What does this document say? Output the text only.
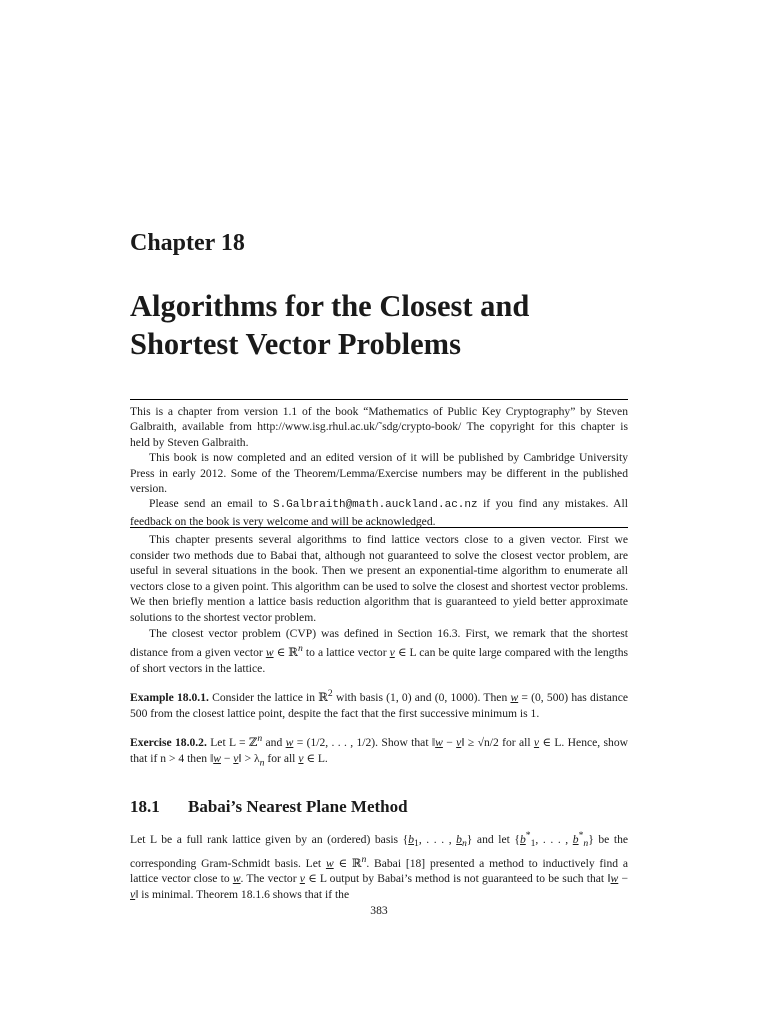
Chapter 18
Algorithms for the Closest and
Shortest Vector Problems

This is a chapter from version 1.1 of the book “Mathematics of Public Key Cryptography” by Steven Galbraith, available from http://www.isg.rhul.ac.uk/˜sdg/crypto-book/ The copyright for this chapter is held by Steven Galbraith.

This book is now completed and an edited version of it will be published by Cambridge University Press in early 2012. Some of the Theorem/Lemma/Exercise numbers may be different in the published version.

Please send an email to S.Galbraith@math.auckland.ac.nz if you find any mistakes. All feedback on the book is very welcome and will be acknowledged.

This chapter presents several algorithms to find lattice vectors close to a given vector. First we consider two methods due to Babai that, although not guaranteed to solve the closest vector problem, are useful in several situations in the book. Then we present an exponential-time algorithm to enumerate all vectors close to a given point. This algorithm can be used to solve the closest and shortest vector problems. We then briefly mention a lattice basis reduction algorithm that is guaranteed to yield better approximate solutions to the shortest vector problem.

The closest vector problem (CVP) was defined in Section 16.3. First, we remark that the shortest distance from a given vector w ∈ ℝ$^n$ to a lattice vector v ∈ L can be quite large compared with the lengths of short vectors in the lattice.

Example 18.0.1. Consider the lattice in ℝ$^2$ with basis (1, 0) and (0, 1000). Then w = (0, 500) has distance 500 from the closest lattice point, despite the fact that the first successive minimum is 1.

Exercise 18.0.2. Let L = ℤ$^n$ and w = (1/2, . . . , 1/2). Show that ‖w − v‖ ≥ √n/2 for all v ∈ L. Hence, show that if n > 4 then ‖w − v‖ > $\lambda_n$ for all v ∈ L.

18.1 Babai’s Nearest Plane Method

Let L be a full rank lattice given by an (ordered) basis {$b_1$, . . . , $b_n$} and let {$b^*_1$, . . . , $b^*_n$} be the corresponding Gram-Schmidt basis. Let w ∈ ℝ$^n$. Babai [18] presented a method to inductively find a lattice vector close to w. The vector v ∈ L output by Babai’s method is not guaranteed to be such that ‖w − v‖ is minimal. Theorem 18.1.6 shows that if the

383
